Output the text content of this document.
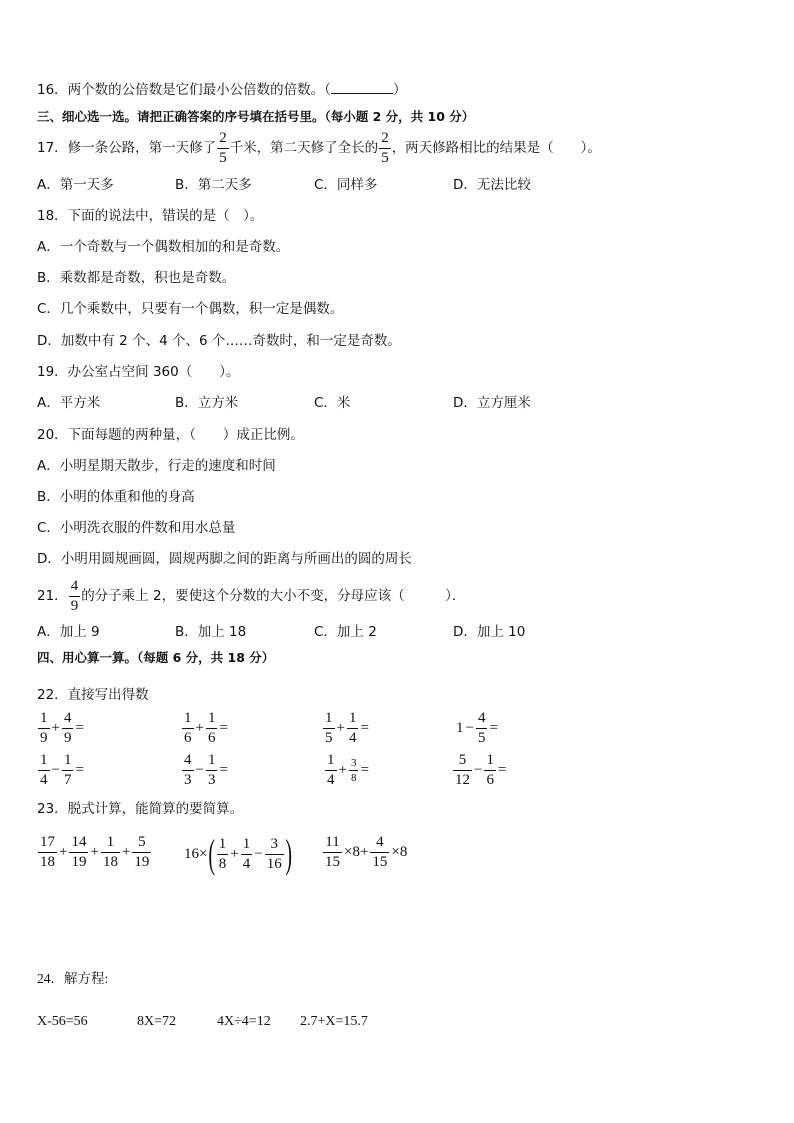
16．两个数的公倍数是它们最小公倍数的倍数。（	）
三、细心选一选。请把正确答案的序号填在括号里。（每小题 2 分，共 10 分）
17．修一条公路，第一天修了 $\frac{2}{5}$ 千米，第二天修了全长的 $\frac{2}{5}$ ，两天修路相比的结果是（　　）。
A．第一天多	B．第二天多	C．同样多	D．无法比较
18．下面的说法中，错误的是（　）。
A．一个奇数与一个偶数相加的和是奇数。
B．乘数都是奇数，积也是奇数。
C．几个乘数中，只要有一个偶数，积一定是偶数。
D．加数中有 2 个、4 个、6 个……奇数时，和一定是奇数。
19．办公室占空间 360（　　）。
A．平方米	B．立方米	C．米	D．立方厘米
20．下面每题的两种量，（　　）成正比例。
A．小明星期天散步，行走的速度和时间
B．小明的体重和他的身高
C．小明洗衣服的件数和用水总量
D．小明用圆规画圆，圆规两脚之间的距离与所画出的圆的周长
21． $\frac{4}{9}$ 的分子乘上 2，要使这个分数的大小不变，分母应该（　　　）．
A．加上 9	B．加上 18	C．加上 2	D．加上 10
四、用心算一算。（每题 6 分，共 18 分）
22．直接写出得数
$\frac{1}{9} + \frac{4}{9}$ =	$\frac{1}{6} + \frac{1}{6}$ =	$\frac{1}{5} + \frac{1}{4}$ =	$1 - \frac{4}{5}$ =
$\frac{1}{4} - \frac{1}{7}$ =	$\frac{4}{3} - \frac{1}{3}$ =	$\frac{1}{4} + \frac{3}{8}$ =	$\frac{5}{12} - \frac{1}{6}$ =
23．脱式计算，能简算的要简算。
$\frac{17}{18} + \frac{14}{19} + \frac{1}{18} + \frac{5}{19} 16\times$ ( $\frac{1}{8} + \frac{1}{4} - \frac{3}{16}$ ) $\frac{11}{15} \times 8+ \frac{4}{15} \times 8$
24．解方程:
X-56=56	8X=72	4X÷4=12 2.7+X=15.7
